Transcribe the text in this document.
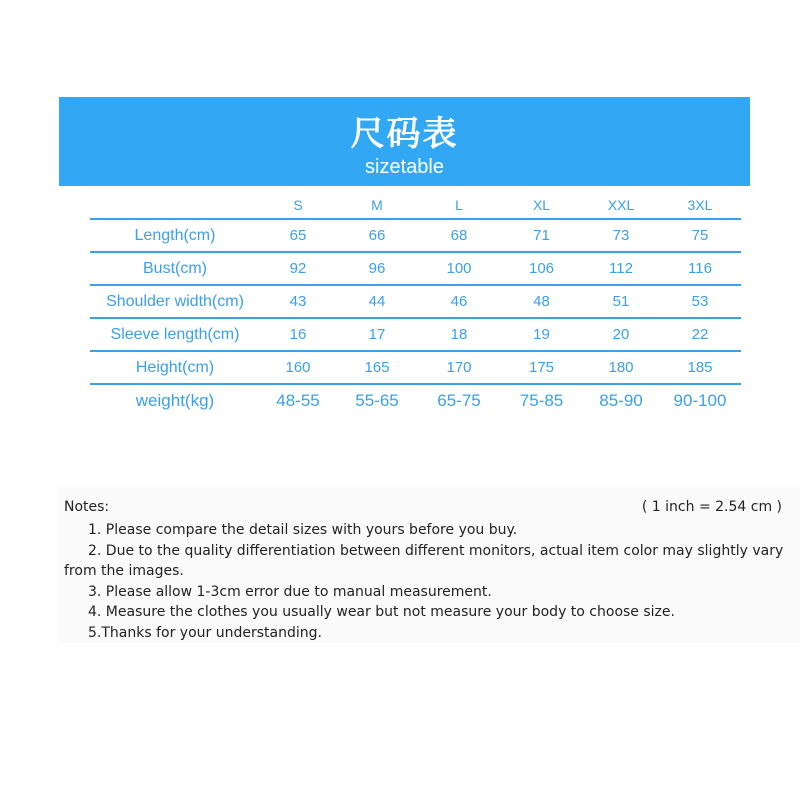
尺码表
sizetable
	S	M	L	XL	XXL	3XL
Length(cm)	65	66	68	71	73	75
Bust(cm)	92	96	100	106	112	116
Shoulder width(cm)	43	44	46	48	51	53
Sleeve length(cm)	16	17	18	19	20	22
Height(cm)	160	165	170	175	180	185
weight(kg)	48-55	55-65	65-75	75-85	85-90	90-100
Notes:	( 1 inch = 2.54 cm )
1. Please compare the detail sizes with yours before you buy.
2. Due to the quality differentiation between different monitors, actual item color may slightly vary from the images.
3. Please allow 1-3cm error due to manual measurement.
4. Measure the clothes you usually wear but not measure your body to choose size.
5.Thanks for your understanding.
